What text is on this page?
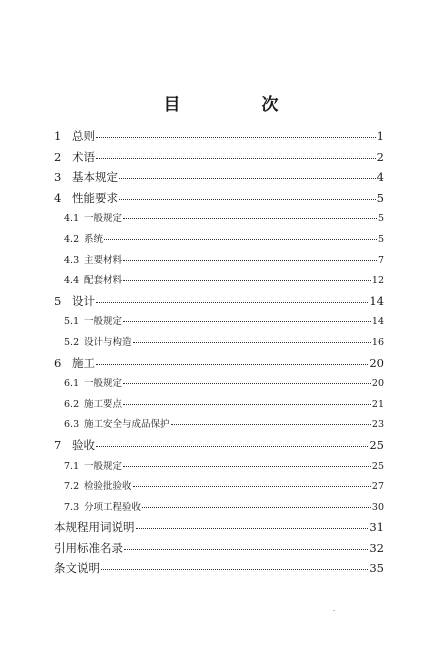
目　次
1 总则	1
2 术语	2
3 基本规定	4
4 性能要求	5
4.1 一般规定	5
4.2 系统	5
4.3 主要材料	7
4.4 配套材料	12
5 设计	14
5.1 一般规定	14
5.2 设计与构造	16
6 施工	20
6.1 一般规定	20
6.2 施工要点	21
6.3 施工安全与成品保护	23
7 验收	25
7.1 一般规定	25
7.2 检验批验收	27
7.3 分项工程验收	30
本规程用词说明	31
引用标准名录	32
条文说明	35
